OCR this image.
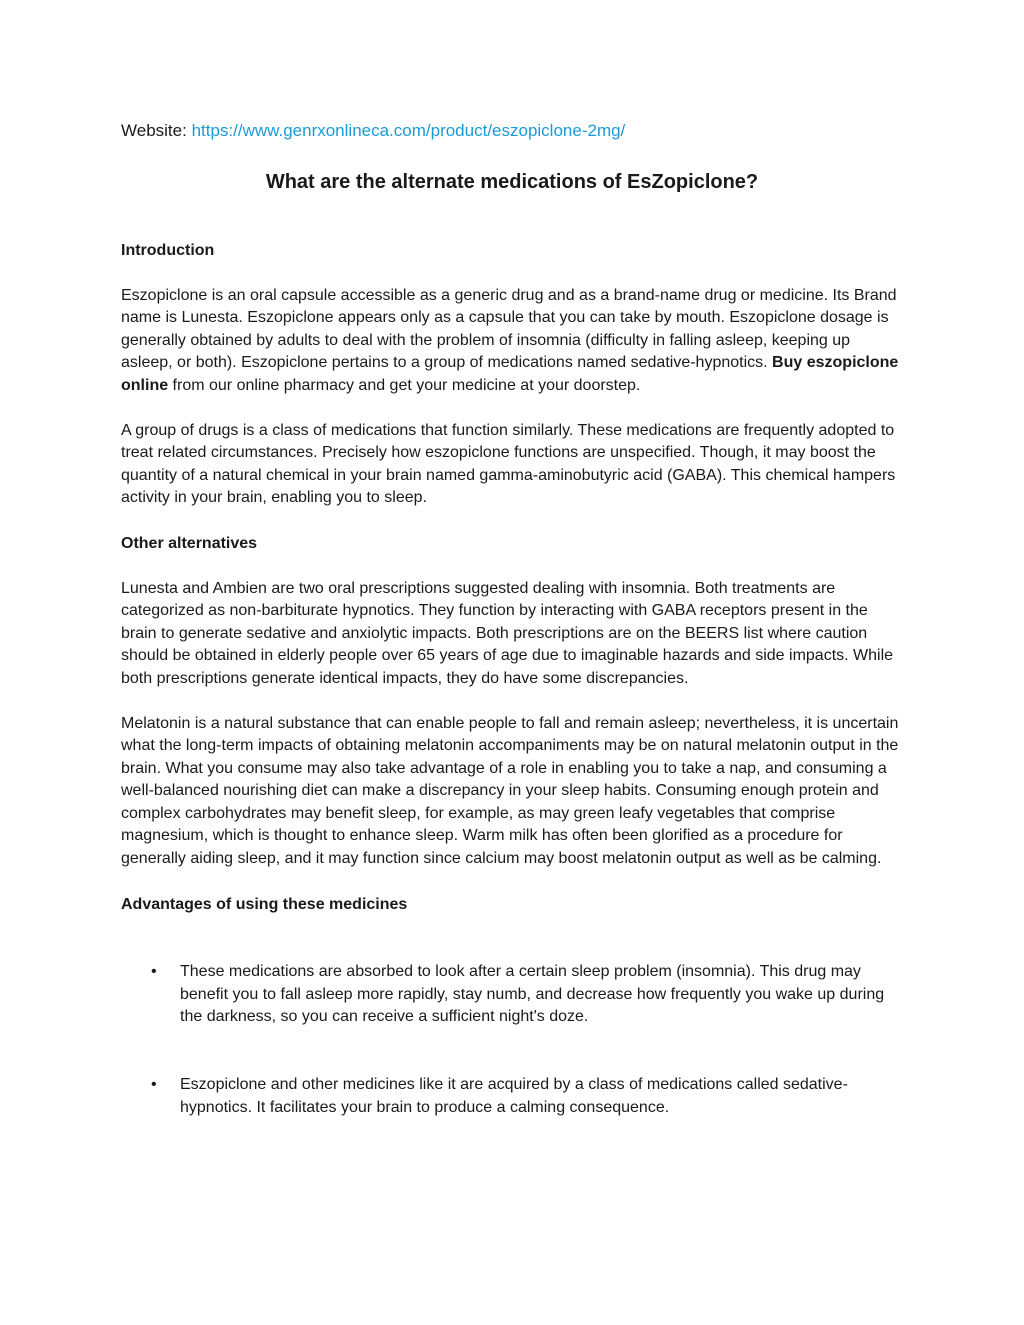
Website: https://www.genrxonlineca.com/product/eszopiclone-2mg/

What are the alternate medications of EsZopiclone?

Introduction

Eszopiclone is an oral capsule accessible as a generic drug and as a brand-name drug or medicine. Its Brand name is Lunesta. Eszopiclone appears only as a capsule that you can take by mouth. Eszopiclone dosage is generally obtained by adults to deal with the problem of insomnia (difficulty in falling asleep, keeping up asleep, or both). Eszopiclone pertains to a group of medications named sedative-hypnotics. Buy eszopiclone online from our online pharmacy and get your medicine at your doorstep.

A group of drugs is a class of medications that function similarly. These medications are frequently adopted to treat related circumstances. Precisely how eszopiclone functions are unspecified. Though, it may boost the quantity of a natural chemical in your brain named gamma-aminobutyric acid (GABA). This chemical hampers activity in your brain, enabling you to sleep.

Other alternatives

Lunesta and Ambien are two oral prescriptions suggested dealing with insomnia. Both treatments are categorized as non-barbiturate hypnotics. They function by interacting with GABA receptors present in the brain to generate sedative and anxiolytic impacts. Both prescriptions are on the BEERS list where caution should be obtained in elderly people over 65 years of age due to imaginable hazards and side impacts. While both prescriptions generate identical impacts, they do have some discrepancies.

Melatonin is a natural substance that can enable people to fall and remain asleep; nevertheless, it is uncertain what the long-term impacts of obtaining melatonin accompaniments may be on natural melatonin output in the brain. What you consume may also take advantage of a role in enabling you to take a nap, and consuming a well-balanced nourishing diet can make a discrepancy in your sleep habits. Consuming enough protein and complex carbohydrates may benefit sleep, for example, as may green leafy vegetables that comprise magnesium, which is thought to enhance sleep. Warm milk has often been glorified as a procedure for generally aiding sleep, and it may function since calcium may boost melatonin output as well as be calming.

Advantages of using these medicines

• These medications are absorbed to look after a certain sleep problem (insomnia). This drug may benefit you to fall asleep more rapidly, stay numb, and decrease how frequently you wake up during the darkness, so you can receive a sufficient night's doze.
• Eszopiclone and other medicines like it are acquired by a class of medications called sedative-hypnotics. It facilitates your brain to produce a calming consequence.
